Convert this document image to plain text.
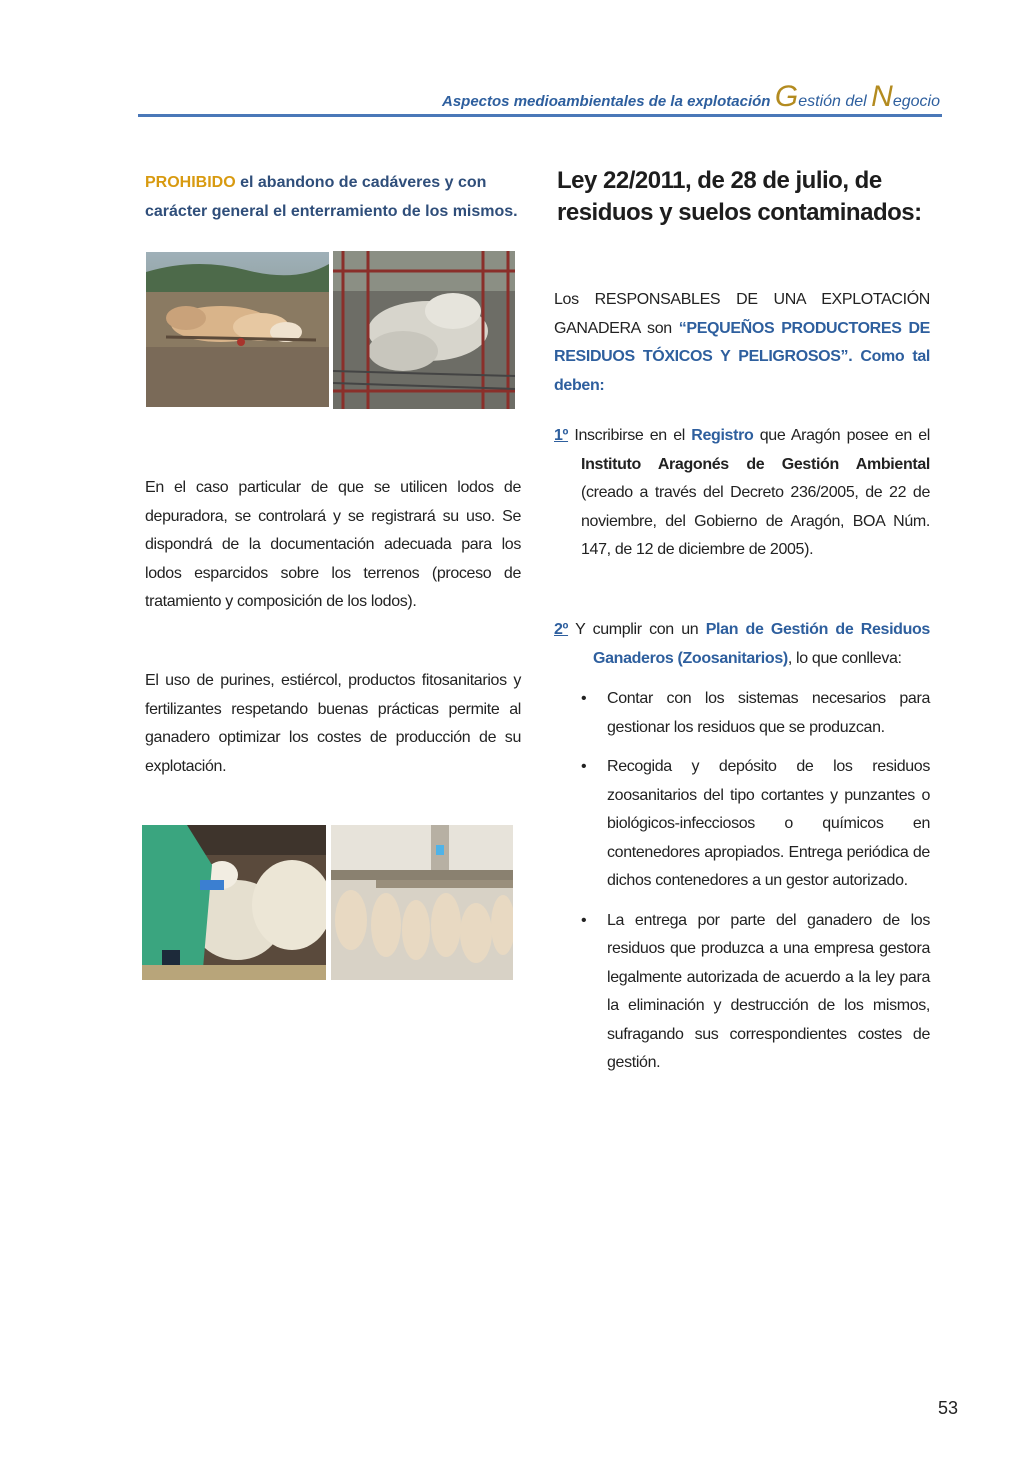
Aspectos medioambientales de la explotación Gestión del Negocio
PROHIBIDO el abandono de cadáveres y con carácter general el enterramiento de los mismos.
En el caso particular de que se utilicen lodos de depuradora, se controlará y se registrará su uso. Se dispondrá de la documentación adecuada para los lodos esparcidos sobre los terrenos (proceso de tratamiento y composición de los lodos).
El uso de purines, estiércol, productos fitosanitarios y fertilizantes respetando buenas prácticas permite al ganadero optimizar los costes de producción de su explotación.
Ley 22/2011, de 28 de julio, de residuos y suelos contaminados:
Los RESPONSABLES DE UNA EXPLOTACIÓN GANADERA son “PEQUEÑOS PRODUCTORES DE RESIDUOS TÓXICOS Y PELIGROSOS”. Como tal deben:
1º Inscribirse en el Registro que Aragón posee en el Instituto Aragonés de Gestión Ambiental (creado a través del Decreto 236/2005, de 22 de noviembre, del Gobierno de Aragón, BOA Núm. 147, de 12 de diciembre de 2005).
2º Y cumplir con un Plan de Gestión de Residuos Ganaderos (Zoosanitarios), lo que conlleva:
•	Contar con los sistemas necesarios para gestionar los residuos que se produzcan.
•	Recogida y depósito de los residuos zoosanitarios del tipo cortantes y punzantes o biológicos-infecciosos o químicos en contenedores apropiados. Entrega periódica de dichos contenedores a un gestor autorizado.
•	La entrega por parte del ganadero de los residuos que produzca a una empresa gestora legalmente autorizada de acuerdo a la ley para la eliminación y destrucción de los mismos, sufragando sus correspondientes costes de gestión.
53
